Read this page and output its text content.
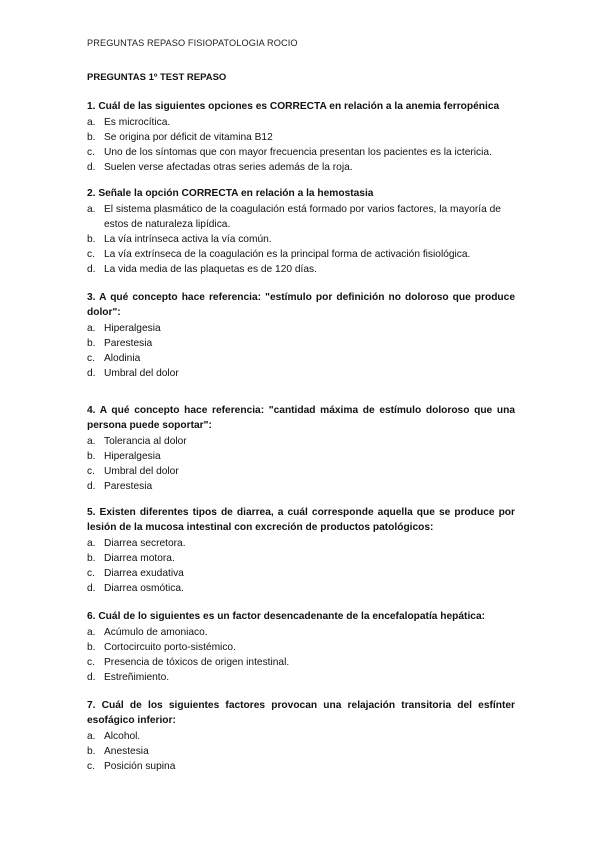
PREGUNTAS REPASO FISIOPATOLOGIA ROCIO
PREGUNTAS 1º TEST REPASO
1. Cuál de las siguientes opciones es CORRECTA en relación a la anemia ferropénica
a. Es microcítica.
b. Se origina por déficit de vitamina B12
c. Uno de los síntomas que con mayor frecuencia presentan los pacientes es la ictericia.
d. Suelen verse afectadas otras series además de la roja.
2. Señale la opción CORRECTA en relación a la hemostasia
a. El sistema plasmático de la coagulación está formado por varios factores, la mayoría de estos de naturaleza lipídica.
b. La vía intrínseca activa la vía común.
c. La vía extrínseca de la coagulación es la principal forma de activación fisiológica.
d. La vida media de las plaquetas es de 120 días.
3. A qué concepto hace referencia: "estímulo por definición no doloroso que produce dolor":
a. Hiperalgesia
b. Parestesia
c. Alodinia
d. Umbral del dolor
4. A qué concepto hace referencia: "cantidad máxima de estímulo doloroso que una persona puede soportar":
a. Tolerancia al dolor
b. Hiperalgesia
c. Umbral del dolor
d. Parestesia
5. Existen diferentes tipos de diarrea, a cuál corresponde aquella que se produce por lesión de la mucosa intestinal con excreción de productos patológicos:
a. Diarrea secretora.
b. Diarrea motora.
c. Diarrea exudativa
d. Diarrea osmótica.
6. Cuál de lo siguientes es un factor desencadenante de la encefalopatía hepática:
a. Acúmulo de amoniaco.
b. Cortocircuito porto-sistémico.
c. Presencia de tóxicos de origen intestinal.
d. Estreñimiento.
7. Cuál de los siguientes factores provocan una relajación transitoria del esfínter esofágico inferior:
a. Alcohol.
b. Anestesia
c. Posición supina
